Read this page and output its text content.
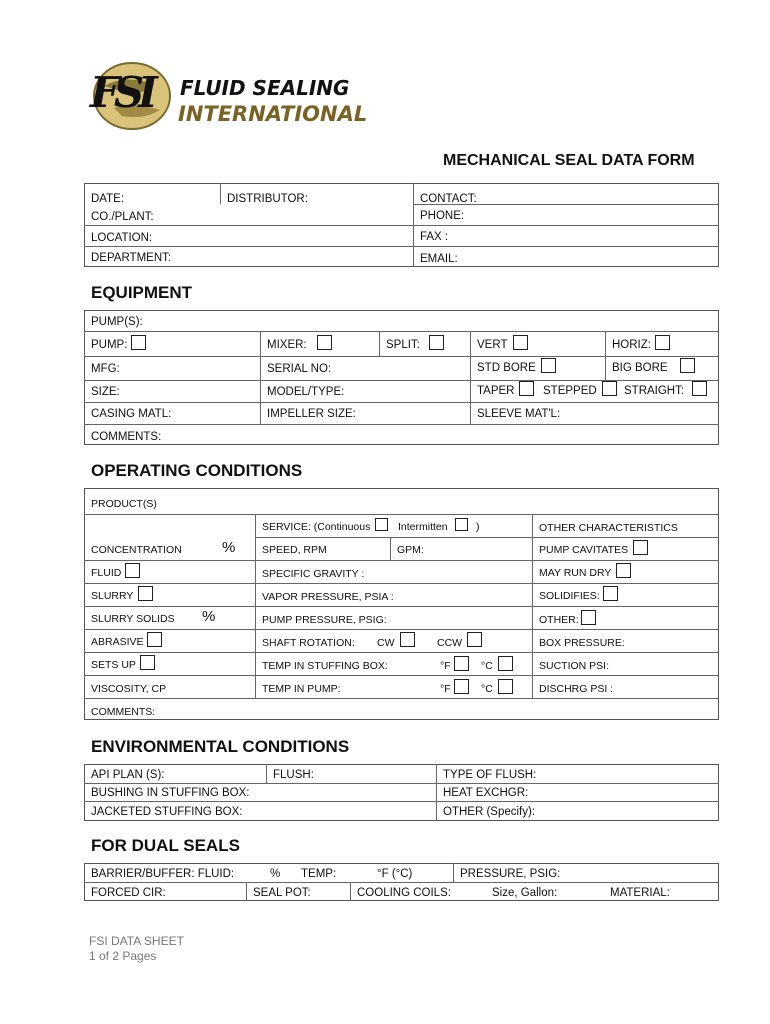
FSI FLUID SEALING
INTERNATIONAL
MECHANICAL SEAL DATA FORM
DATE:	DISTRIBUTOR:	CONTACT:
CO./PLANT:	PHONE:
LOCATION:	FAX :
DEPARTMENT:	EMAIL:
EQUIPMENT
PUMP(S):
PUMP:	MIXER:	SPLIT:	VERT	HORIZ:
MFG:	SERIAL NO:	STD BORE	BIG BORE
SIZE:	MODEL/TYPE:	TAPER STEPPED STRAIGHT:
CASING MATL:	IMPELLER SIZE:	SLEEVE MAT'L:
COMMENTS:
OPERATING CONDITIONS
PRODUCT(S)
SERVICE: (Continuous	Intermitten	)	OTHER CHARACTERISTICS
CONCENTRATION	%	SPEED, RPM	GPM:	PUMP CAVITATES
FLUID	SPECIFIC GRAVITY :	MAY RUN DRY
SLURRY	VAPOR PRESSURE, PSIA :	SOLIDIFIES:
SLURRY SOLIDS %	PUMP PRESSURE, PSIG:	OTHER:
ABRASIVE	SHAFT ROTATION: CW	CCW	BOX PRESSURE:
SETS UP	TEMP IN STUFFING BOX:	°F	°C	SUCTION PSI:
VISCOSITY, CP	TEMP IN PUMP:	°F	°C	DISCHRG PSI :
COMMENTS:
ENVIRONMENTAL CONDITIONS
API PLAN (S):	FLUSH:	TYPE OF FLUSH:
BUSHING IN STUFFING BOX:	HEAT EXCHGR:
JACKETED STUFFING BOX:	OTHER (Specify):
FOR DUAL SEALS
BARRIER/BUFFER: FLUID:	% TEMP:	°F (°C)	PRESSURE, PSIG:
FORCED CIR:	SEAL POT:	COOLING COILS:	Size, Gallon:	MATERIAL:
FSI DATA SHEET
1 of 2 Pages
